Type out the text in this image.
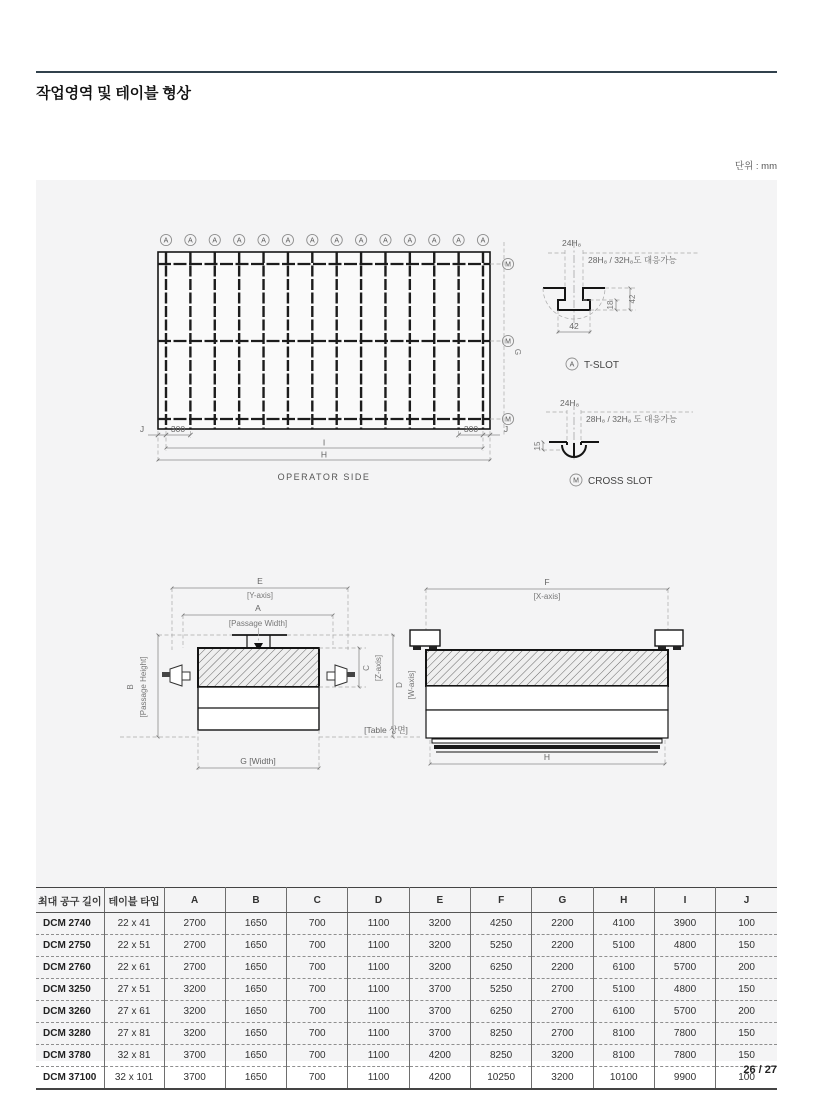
작업영역 및 테이블 형상
단위 : mm
A	A	A	A	A	A	A	A	A	A	A	A	A	A
M
M
M
G
J	300	300	J
I
H
OPERATOR SIDE
24H₈
28H₈ / 32H₈도 대응가능
42
18
42
A T-SLOT
24H₈
28H₈ / 32H₈ 도 대응가능
15
M CROSS SLOT
E
[Y-axis]
A
[Passage Width]
B [Passage Height]	C [Z-axis]
D [W-axis]
[Table 상면]
G [Width]
F
[X-axis]
H
최대 공구 길이	테이블 타입	A	B	C	D	E	F	G	H	I	J
DCM 2740	22 x 41	2700	1650	700	1100	3200	4250	2200	4100	3900	100
DCM 2750	22 x 51	2700	1650	700	1100	3200	5250	2200	5100	4800	150
DCM 2760	22 x 61	2700	1650	700	1100	3200	6250	2200	6100	5700	200
DCM 3250	27 x 51	3200	1650	700	1100	3700	5250	2700	5100	4800	150
DCM 3260	27 x 61	3200	1650	700	1100	3700	6250	2700	6100	5700	200
DCM 3280	27 x 81	3200	1650	700	1100	3700	8250	2700	8100	7800	150
DCM 3780	32 x 81	3700	1650	700	1100	4200	8250	3200	8100	7800	150
DCM 37100	32 x 101	3700	1650	700	1100	4200	10250	3200	10100	9900	100
26 / 27
